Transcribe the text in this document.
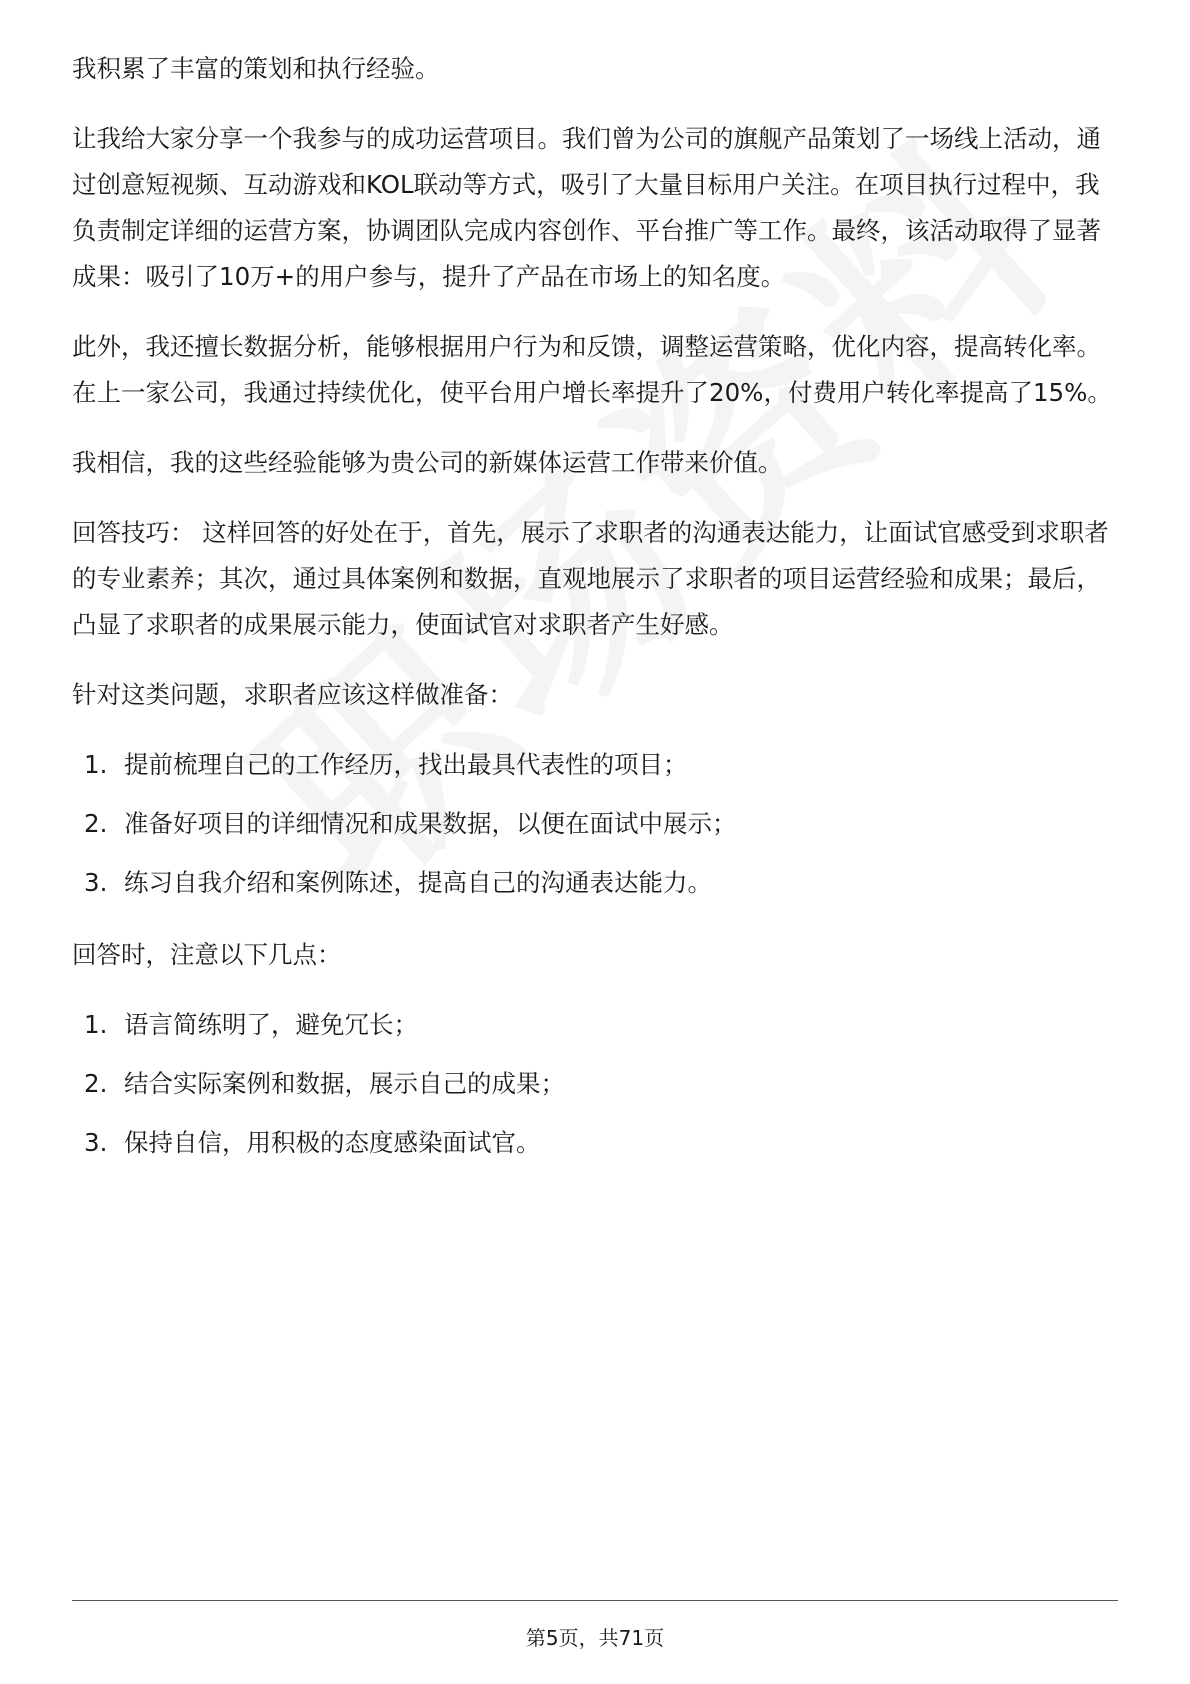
我积累了丰富的策划和执行经验。

让我给大家分享一个我参与的成功运营项目。我们曾为公司的旗舰产品策划了一场线上活动，通过创意短视频、互动游戏和KOL联动等方式，吸引了大量目标用户关注。在项目执行过程中，我负责制定详细的运营方案，协调团队完成内容创作、平台推广等工作。最终，该活动取得了显著成果：吸引了10万+的用户参与，提升了产品在市场上的知名度。

此外，我还擅长数据分析，能够根据用户行为和反馈，调整运营策略，优化内容，提高转化率。在上一家公司，我通过持续优化，使平台用户增长率提升了20%，付费用户转化率提高了15%。

我相信，我的这些经验能够为贵公司的新媒体运营工作带来价值。

回答技巧： 这样回答的好处在于，首先，展示了求职者的沟通表达能力，让面试官感受到求职者的专业素养；其次，通过具体案例和数据，直观地展示了求职者的项目运营经验和成果；最后，凸显了求职者的成果展示能力，使面试官对求职者产生好感。

针对这类问题，求职者应该这样做准备：

1. 提前梳理自己的工作经历，找出最具代表性的项目；
2. 准备好项目的详细情况和成果数据，以便在面试中展示；
3. 练习自我介绍和案例陈述，提高自己的沟通表达能力。

回答时，注意以下几点：

1. 语言简练明了，避免冗长；
2. 结合实际案例和数据，展示自己的成果；
3. 保持自信，用积极的态度感染面试官。
第5页，共71页
